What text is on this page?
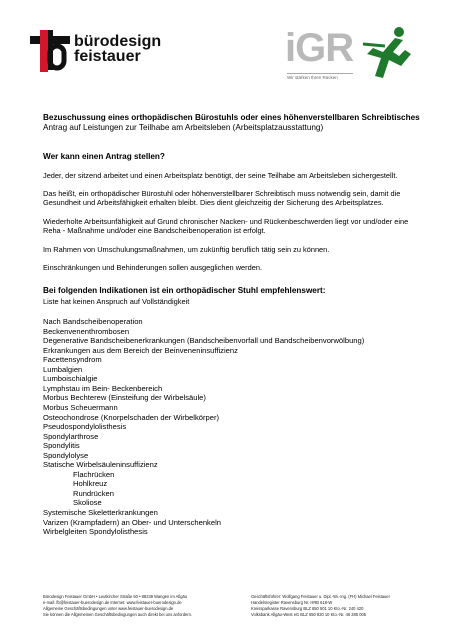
bürodesign
feistauer	iGR
Wir stärken Ihren Rücken

Bezuschussung eines orthopädischen Bürostuhls oder eines höhenverstellbaren Schreibtisches

Antrag auf Leistungen zur Teilhabe am Arbeitsleben (Arbeitsplatzausstattung)

Wer kann einen Antrag stellen?

Jeder, der sitzend arbeitet und einen Arbeitsplatz benötigt, der seine Teilhabe am Arbeitsleben sichergestellt.

Das heißt, ein orthopädischer Bürostuhl oder höhenverstellbarer Schreibtisch muss notwendig sein, damit die Gesundheit und Arbeitsfähigkeit erhalten bleibt. Dies dient gleichzeitig der Sicherung des Arbeitsplatzes.

Wiederholte Arbeitsunfähigkeit auf Grund chronischer Nacken- und Rückenbeschwerden liegt vor und/oder eine Reha - Maßnahme und/oder eine Bandscheibenoperation ist erfolgt.

Im Rahmen von Umschulungsmaßnahmen, um zukünftig beruflich tätig sein zu können.

Einschränkungen und Behinderungen sollen ausgeglichen werden.

Bei folgenden Indikationen ist ein orthopädischer Stuhl empfehlenswert:

Liste hat keinen Anspruch auf Vollständigkeit

Nach Bandscheibenoperation
Beckenvenenthrombosen
Degenerative Bandscheibenerkrankungen (Bandscheibenvorfall und Bandscheibenvorwölbung)
Erkrankungen aus dem Bereich der Beinveneninsuffizienz
Facettensyndrom
Lumbalgien
Lumboischialgie
Lymphstau im Bein- Beckenbereich
Morbus Bechterew (Einsteifung der Wirbelsäule)
Morbus Scheuermann
Osteochondrose (Knorpelschaden der Wirbelkörper)
Pseudospondylolisthesis
Spondylarthrose
Spondylitis
Spondylolyse
Statische Wirbelsäuleninsuffizienz
Flachrücken
Hohlkreuz
Rundrücken
Skoliose
Systemische Skeletterkrankungen
Varizen (Krampfadern) an Ober- und Unterschenkeln
Wirbelgleiten Spondylolisthesis
Bürodesign Feistauer GmbH • Leutkircher Straße 50 • 88239 Wangen im Allgäu
e-mail: fb@feistauer-buerodesign.de Internet: www.feistauer-buerodesign.de
Allgemeine Geschäftsbedingungen unter www.feistauer-buerodesign.de
Sie können die Allgemeinen Geschäftsbedingungen auch direkt bei uns anfordern.
Geschäftsführer: Wolfgang Feistauer u. Dipl.-Wi.-Ing. (FH) Michael Feistauer
Handelsregister Ravensburg Nr. HRB 618-W
Kreissparkasse Ravensburg BLZ 650 501 10 Kto.-Nr. 240 420
Volksbank Allgäu-West eG BLZ 650 920 10 Kto.-Nr. 46 285 005
